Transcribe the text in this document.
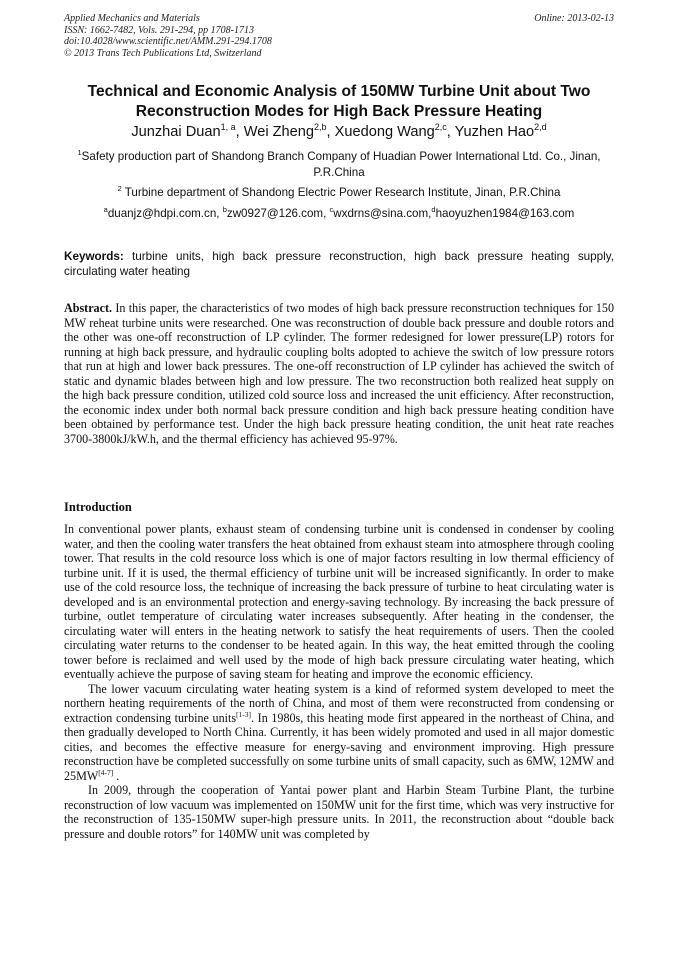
Applied Mechanics and Materials
ISSN: 1662-7482, Vols. 291-294, pp 1708-1713
doi:10.4028/www.scientific.net/AMM.291-294.1708
© 2013 Trans Tech Publications Ltd, Switzerland
Online: 2013-02-13
Technical and Economic Analysis of 150MW Turbine Unit about Two Reconstruction Modes for High Back Pressure Heating
Junzhai Duan$^{1, a}$, Wei Zheng$^{2,b}$, Xuedong Wang$^{2,c}$, Yuzhen Hao$^{2,d}$
$^1$Safety production part of Shandong Branch Company of Huadian Power International Ltd. Co., Jinan, P.R.China
$^2$ Turbine department of Shandong Electric Power Research Institute, Jinan, P.R.China
$^a$duanjz@hdpi.com.cn, $^b$zw0927@126.com, $^c$wxdrns@sina.com,$^d$haoyuzhen1984@163.com
Keywords: turbine units, high back pressure reconstruction, high back pressure heating supply, circulating water heating
Abstract. In this paper, the characteristics of two modes of high back pressure reconstruction techniques for 150 MW reheat turbine units were researched. One was reconstruction of double back pressure and double rotors and the other was one-off reconstruction of LP cylinder. The former redesigned for lower pressure(LP) rotors for running at high back pressure, and hydraulic coupling bolts adopted to achieve the switch of low pressure rotors that run at high and lower back pressures. The one-off reconstruction of LP cylinder has achieved the switch of static and dynamic blades between high and low pressure. The two reconstruction both realized heat supply on the high back pressure condition, utilized cold source loss and increased the unit efficiency. After reconstruction, the economic index under both normal back pressure condition and high back pressure heating condition have been obtained by performance test. Under the high back pressure heating condition, the unit heat rate reaches 3700-3800kJ/kW.h, and the thermal efficiency has achieved 95-97%.
Introduction

In conventional power plants, exhaust steam of condensing turbine unit is condensed in condenser by cooling water, and then the cooling water transfers the heat obtained from exhaust steam into atmosphere through cooling tower. That results in the cold resource loss which is one of major factors resulting in low thermal efficiency of turbine unit. If it is used, the thermal efficiency of turbine unit will be increased significantly. In order to make use of the cold resource loss, the technique of increasing the back pressure of turbine to heat circulating water is developed and is an environmental protection and energy-saving technology. By increasing the back pressure of turbine, outlet temperature of circulating water increases subsequently. After heating in the condenser, the circulating water will enters in the heating network to satisfy the heat requirements of users. Then the cooled circulating water returns to the condenser to be heated again. In this way, the heat emitted through the cooling tower before is reclaimed and well used by the mode of high back pressure circulating water heating, which eventually achieve the purpose of saving steam for heating and improve the economic efficiency.

The lower vacuum circulating water heating system is a kind of reformed system developed to meet the northern heating requirements of the north of China, and most of them were reconstructed from condensing or extraction condensing turbine units[1-3]. In 1980s, this heating mode first appeared in the northeast of China, and then gradually developed to North China. Currently, it has been widely promoted and used in all major domestic cities, and becomes the effective measure for energy-saving and environment improving. High pressure reconstruction have be completed successfully on some turbine units of small capacity, such as 6MW, 12MW and 25MW[4-7] .

In 2009, through the cooperation of Yantai power plant and Harbin Steam Turbine Plant, the turbine reconstruction of low vacuum was implemented on 150MW unit for the first time, which was very instructive for the reconstruction of 135-150MW super-high pressure units. In 2011, the reconstruction about “double back pressure and double rotors” for 140MW unit was completed by
